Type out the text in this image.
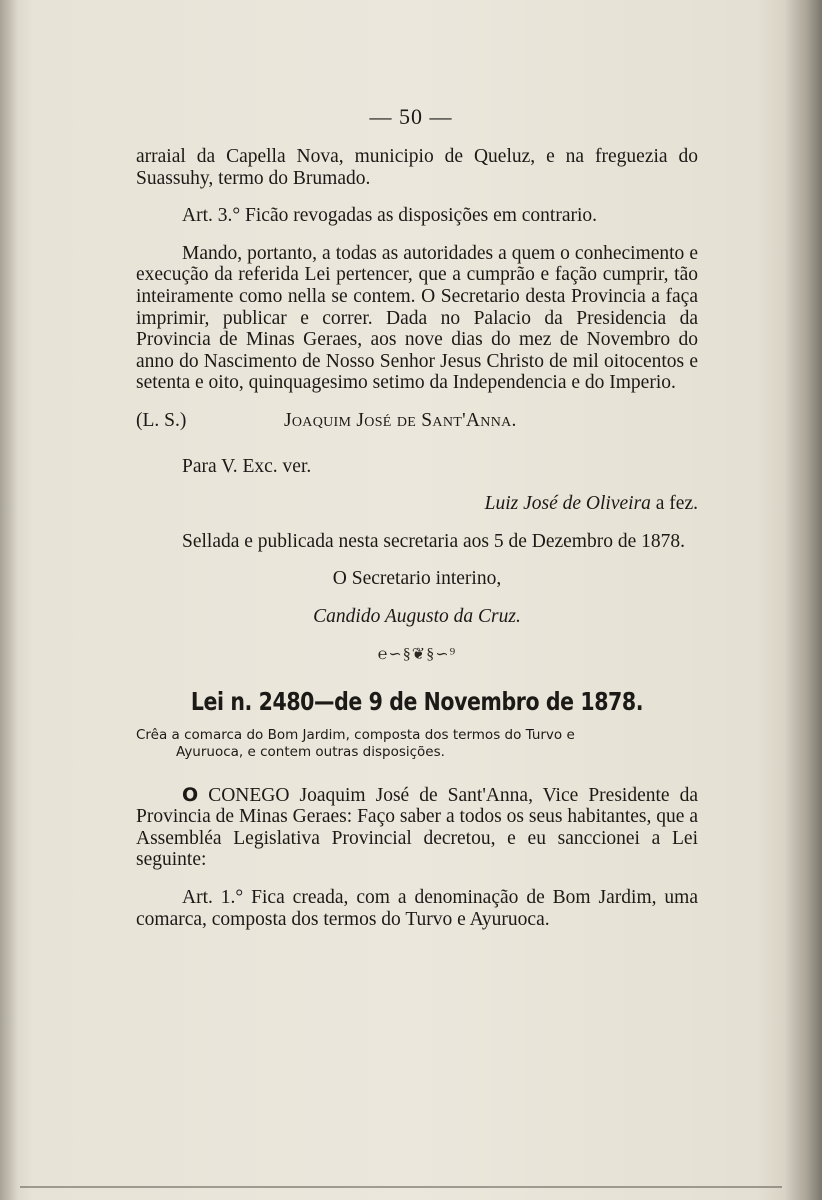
— 50 —

arraial da Capella Nova, municipio de Queluz, e na freguezia do Suassuhy, termo do Brumado.

Art. 3.° Ficão revogadas as disposições em contrario.

Mando, portanto, a todas as autoridades a quem o conhecimento e execução da referida Lei pertencer, que a cumprão e fação cumprir, tão inteiramente como nella se contem. O Secretario desta Provincia a faça imprimir, publicar e correr. Dada no Palacio da Presidencia da Provincia de Minas Geraes, aos nove dias do mez de Novembro do anno do Nascimento de Nosso Senhor Jesus Christo de mil oitocentos e setenta e oito, quinquagesimo setimo da Independencia e do Imperio.

(L. S.)	Joaquim José de Sant'Anna.

Para V. Exc. ver.

Luiz José de Oliveira a fez.

Sellada e publicada nesta secretaria aos 5 de Dezembro de 1878.

O Secretario interino,

Candido Augusto da Cruz.

℮∽§❦§∽⁹
Lei n. 2480—de 9 de Novembro de 1878.
Crêa a comarca do Bom Jardim, composta dos termos do Turvo e
Ayuruoca, e contem outras disposições.

O CONEGO Joaquim José de Sant'Anna, Vice Presidente da Provincia de Minas Geraes: Faço saber a todos os seus habitantes, que a Assembléa Legislativa Provincial decretou, e eu sanccionei a Lei seguinte:

Art. 1.° Fica creada, com a denominação de Bom Jardim, uma comarca, composta dos termos do Turvo e Ayuruoca.
